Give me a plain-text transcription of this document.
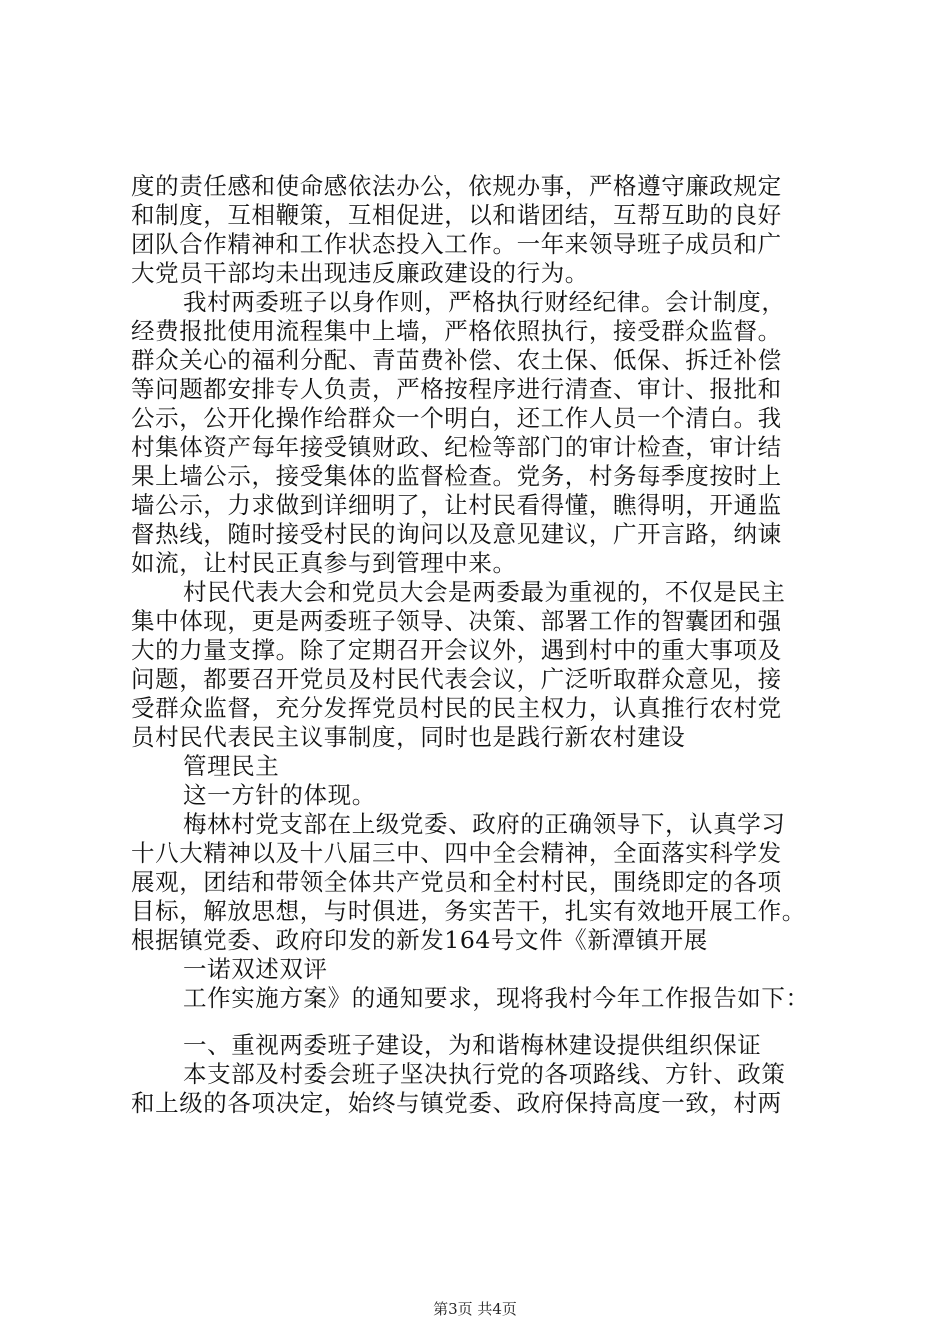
度的责任感和使命感依法办公，依规办事，严格遵守廉政规定
和制度，互相鞭策，互相促进，以和谐团结，互帮互助的良好
团队合作精神和工作状态投入工作。一年来领导班子成员和广
大党员干部均未出现违反廉政建设的行为。
我村两委班子以身作则，严格执行财经纪律。会计制度，
经费报批使用流程集中上墙，严格依照执行，接受群众监督。
群众关心的福利分配、青苗费补偿、农土保、低保、拆迁补偿
等问题都安排专人负责，严格按程序进行清查、审计、报批和
公示，公开化操作给群众一个明白，还工作人员一个清白。我
村集体资产每年接受镇财政、纪检等部门的审计检查，审计结
果上墙公示，接受集体的监督检查。党务，村务每季度按时上
墙公示，力求做到详细明了，让村民看得懂，瞧得明，开通监
督热线，随时接受村民的询问以及意见建议，广开言路，纳谏
如流，让村民正真参与到管理中来。
村民代表大会和党员大会是两委最为重视的，不仅是民主
集中体现，更是两委班子领导、决策、部署工作的智囊团和强
大的力量支撑。除了定期召开会议外，遇到村中的重大事项及
问题，都要召开党员及村民代表会议，广泛听取群众意见，接
受群众监督，充分发挥党员村民的民主权力，认真推行农村党
员村民代表民主议事制度，同时也是践行新农村建设
管理民主
这一方针的体现。
梅林村党支部在上级党委、政府的正确领导下，认真学习
十八大精神以及十八届三中、四中全会精神，全面落实科学发
展观，团结和带领全体共产党员和全村村民，围绕即定的各项
目标，解放思想，与时俱进，务实苦干，扎实有效地开展工作。
根据镇党委、政府印发的新发164号文件《新潭镇开展
一诺双述双评
工作实施方案》的通知要求，现将我村今年工作报告如下：
一、重视两委班子建设，为和谐梅林建设提供组织保证
本支部及村委会班子坚决执行党的各项路线、方针、政策
和上级的各项决定，始终与镇党委、政府保持高度一致，村两
第3页 共4页
